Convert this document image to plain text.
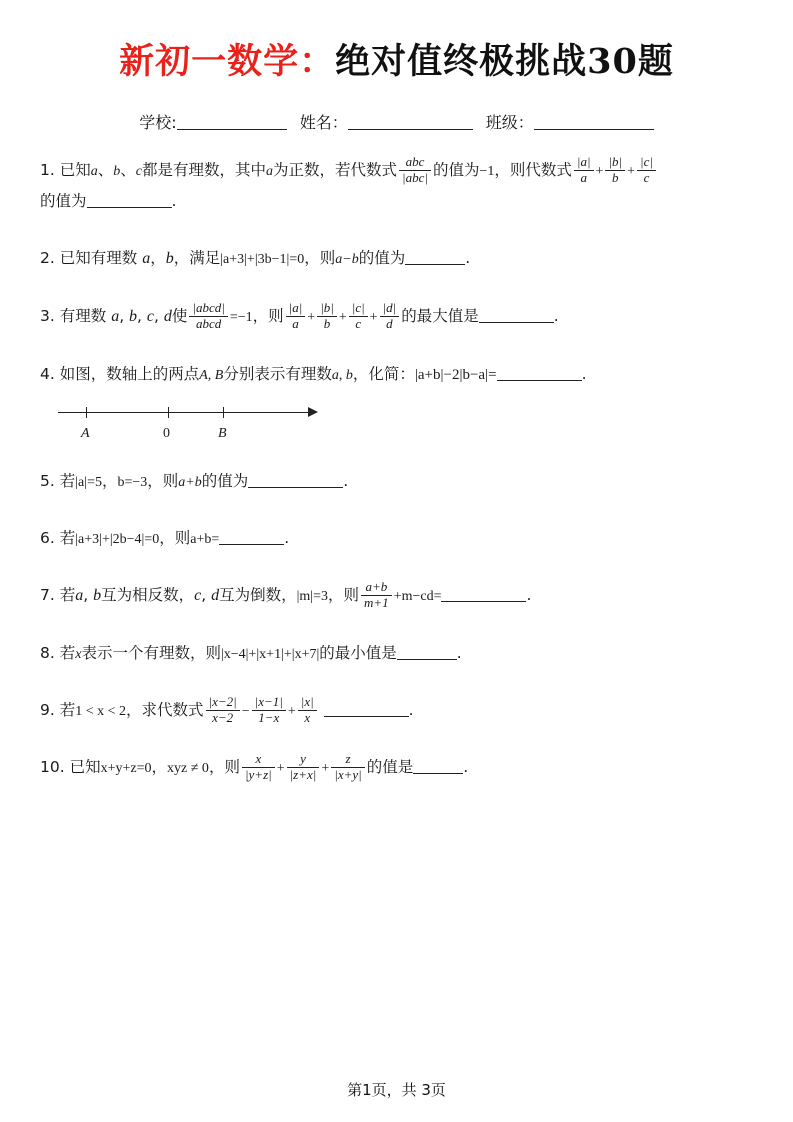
新初一数学：绝对值终极挑战30题
学校:	姓名：	班级：
1. 已知a、b、c都是有理数，其中a为正数，若代数式 $\frac{\text{abc}}{\text{|abc|}}$ 的值为−1，则代数式 $\frac{|a|}{a} + \frac{|b|}{b} + \frac{|c|}{c}$

的值为	.
2. 已知有理数 a，b，满足|a+3|+|3b−1|=0，则a−b的值为	.
3. 有理数 a, b, c, d使 $\frac{\text{|abcd|}}{\text{abcd}} =-1$，则 $\frac{|a|}{a} + \frac{|b|}{b} + \frac{|c|}{c} + \frac{|d|}{d}$ 的最大值是	.
4. 如图，数轴上的两点A, B分别表示有理数a, b，化简：|a+b|−2|b−a|=	.
A	0	B
5. 若|a|=5，b=−3，则a+b的值为	.
6. 若|a+3|+|2b−4|=0，则a+b=	.
7. 若a, b互为相反数，c, d互为倒数，|m|=3，则 $\frac{a+b}{m+1} +m-cd=$	.
8. 若x表示一个有理数，则|x−4|+|x+1|+|x+7|的最小值是	.
9. 若1 < x < 2，求代数式 $\frac{|x-2|}{x-2} - \frac{|x-1|}{1-x} + \frac{|x|}{x}$	.
10. 已知x+y+z=0，xyz ≠ 0，则 $\frac{x}{|y+z|} + \frac{y}{|z+x|} + \frac{z}{|x+y|}$ 的值是	.
第1页，共 3页
